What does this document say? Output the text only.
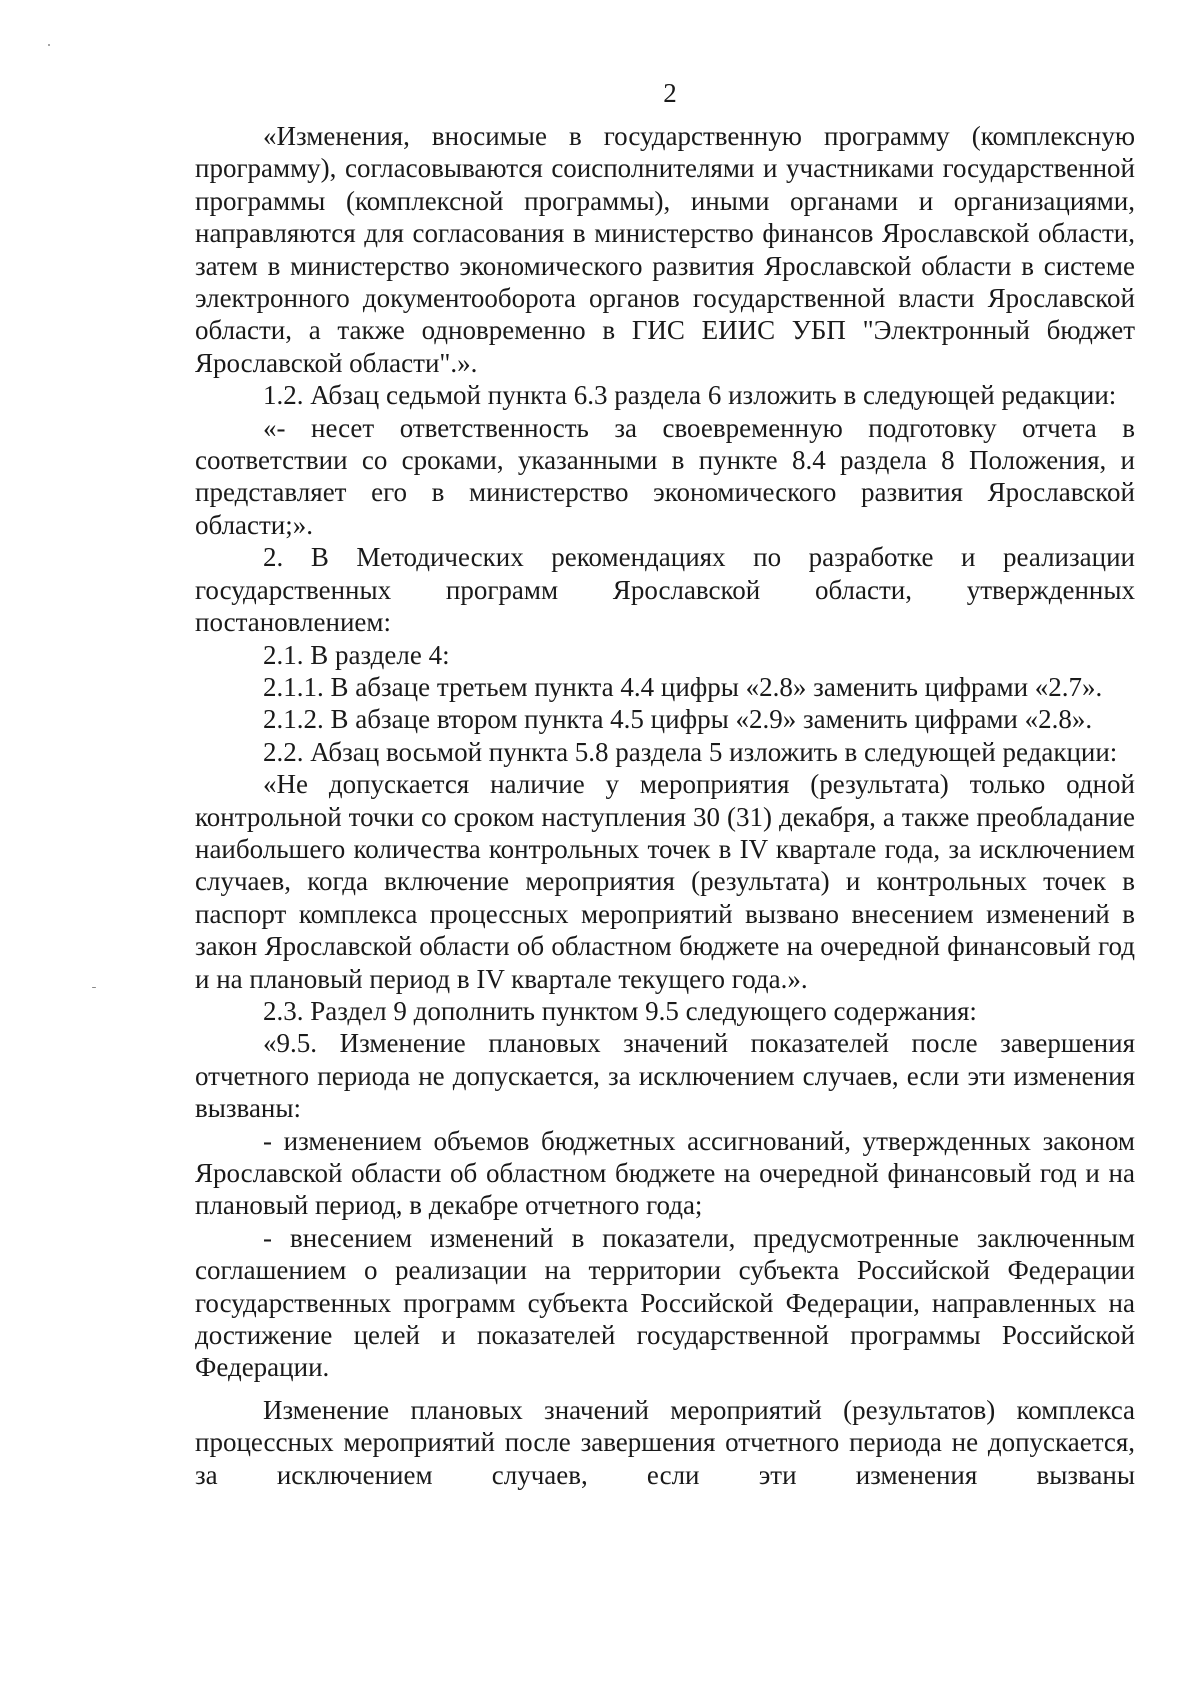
2

«Изменения, вносимые в государственную программу (комплексную программу), согласовываются соисполнителями и участниками государственной программы (комплексной программы), иными органами и организациями, направляются для согласования в министерство финансов Ярославской области, затем в министерство экономического развития Ярославской области в системе электронного документооборота органов государственной власти Ярославской области, а также одновременно в ГИС ЕИИС УБП "Электронный бюджет Ярославской области".».

1.2. Абзац седьмой пункта 6.3 раздела 6 изложить в следующей редакции:

«- несет ответственность за своевременную подготовку отчета в соответствии со сроками, указанными в пункте 8.4 раздела 8 Положения, и представляет его в министерство экономического развития Ярославской области;».

2. В Методических рекомендациях по разработке и реализации государственных программ Ярославской области, утвержденных постановлением:

2.1. В разделе 4:

2.1.1. В абзаце третьем пункта 4.4 цифры «2.8» заменить цифрами «2.7».

2.1.2. В абзаце втором пункта 4.5 цифры «2.9» заменить цифрами «2.8».

2.2. Абзац восьмой пункта 5.8 раздела 5 изложить в следующей редакции:

«Не допускается наличие у мероприятия (результата) только одной контрольной точки со сроком наступления 30 (31) декабря, а также преобладание наибольшего количества контрольных точек в IV квартале года, за исключением случаев, когда включение мероприятия (результата) и контрольных точек в паспорт комплекса процессных мероприятий вызвано внесением изменений в закон Ярославской области об областном бюджете на очередной финансовый год и на плановый период в IV квартале текущего года.».

2.3. Раздел 9 дополнить пунктом 9.5 следующего содержания:

«9.5. Изменение плановых значений показателей после завершения отчетного периода не допускается, за исключением случаев, если эти изменения вызваны:

- изменением объемов бюджетных ассигнований, утвержденных законом Ярославской области об областном бюджете на очередной финансовый год и на плановый период, в декабре отчетного года;

- внесением изменений в показатели, предусмотренные заключенным соглашением о реализации на территории субъекта Российской Федерации государственных программ субъекта Российской Федерации, направленных на достижение целей и показателей государственной программы Российской Федерации.

Изменение плановых значений мероприятий (результатов) комплекса процессных мероприятий после завершения отчетного периода не допускается, за исключением случаев, если эти изменения вызваны
